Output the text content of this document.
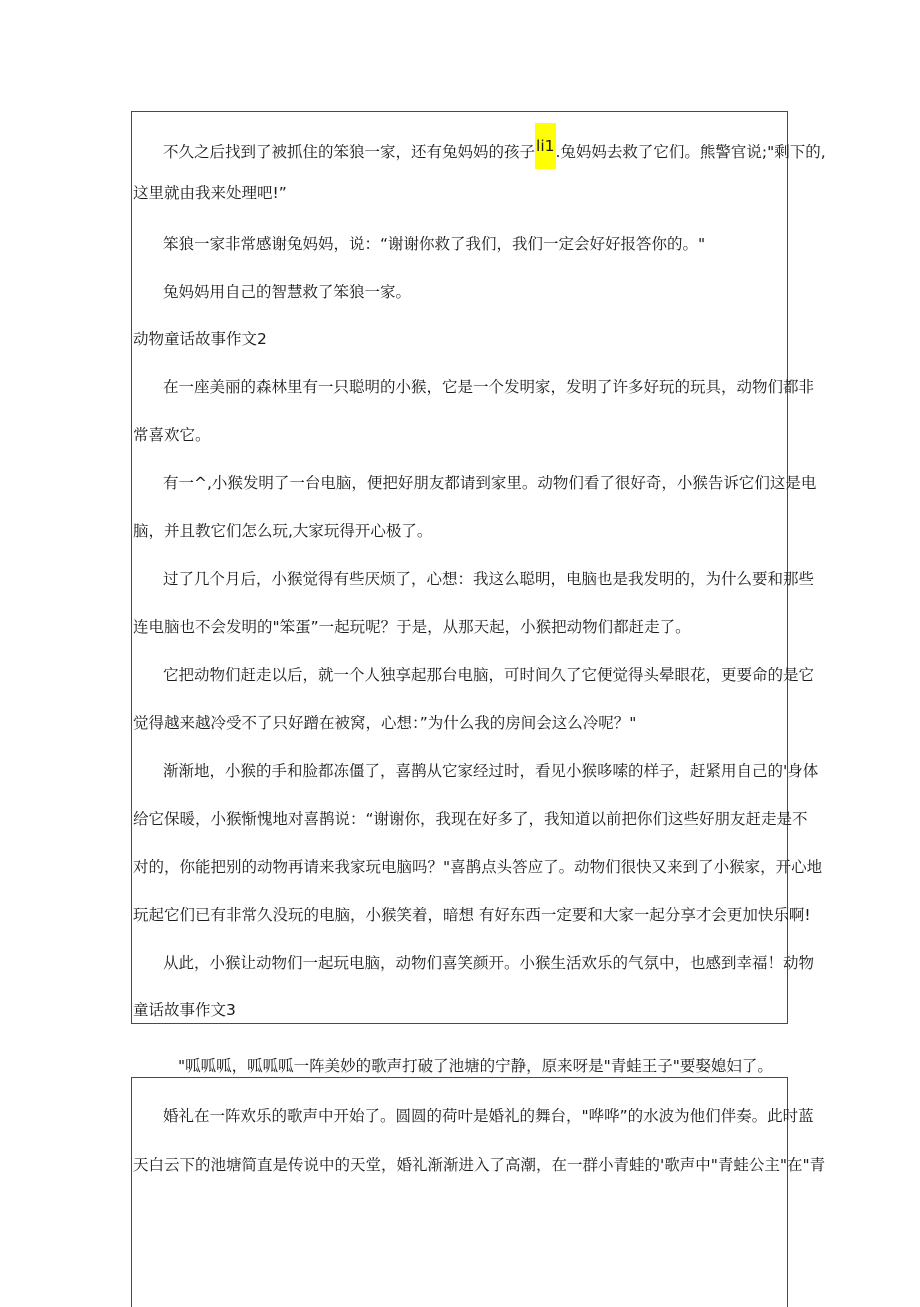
不久之后找到了被抓住的笨狼一家，还有兔妈妈的孩子li1.兔妈妈去救了它们。熊警官说;"剩下的,
这里就由我来处理吧!”
笨狼一家非常感谢兔妈妈，说：“谢谢你救了我们，我们一定会好好报答你的。"
兔妈妈用自己的智慧救了笨狼一家。
动物童话故事作文2
在一座美丽的森林里有一只聪明的小猴，它是一个发明家，发明了许多好玩的玩具，动物们都非
常喜欢它。
有一^,小猴发明了一台电脑，便把好朋友都请到家里。动物们看了很好奇，小猴告诉它们这是电
脑，并且教它们怎么玩,大家玩得开心极了。
过了几个月后，小猴觉得有些厌烦了，心想：我这么聪明，电脑也是我发明的，为什么要和那些
连电脑也不会发明的"笨蛋”一起玩呢？于是，从那天起，小猴把动物们都赶走了。
它把动物们赶走以后，就一个人独享起那台电脑，可时间久了它便觉得头晕眼花，更要命的是它
觉得越来越冷受不了只好蹭在被窝，心想：”为什么我的房间会这么冷呢？"
渐渐地，小猴的手和脸都冻僵了，喜鹊从它家经过时，看见小猴哆嗦的样子，赶紧用自己的'身体
给它保暖，小猴惭愧地对喜鹊说：“谢谢你，我现在好多了，我知道以前把你们这些好朋友赶走是不
对的，你能把别的动物再请来我家玩电脑吗？"喜鹊点头答应了。动物们很快又来到了小猴家，开心地
玩起它们已有非常久没玩的电脑，小猴笑着，暗想 有好东西一定要和大家一起分享才会更加快乐啊!
从此，小猴让动物们一起玩电脑，动物们喜笑颜开。小猴生活欢乐的气氛中，也感到幸福！动物
童话故事作文3
"呱呱呱，呱呱呱一阵美妙的歌声打破了池塘的宁静，原来呀是"青蛙王子"要娶媳妇了。
婚礼在一阵欢乐的歌声中开始了。圆圆的荷叶是婚礼的舞台，"哗哗”的水波为他们伴奏。此时蓝
天白云下的池塘简直是传说中的天堂，婚礼渐渐进入了高潮，在一群小青蛙的'歌声中"青蛙公主"在"青
